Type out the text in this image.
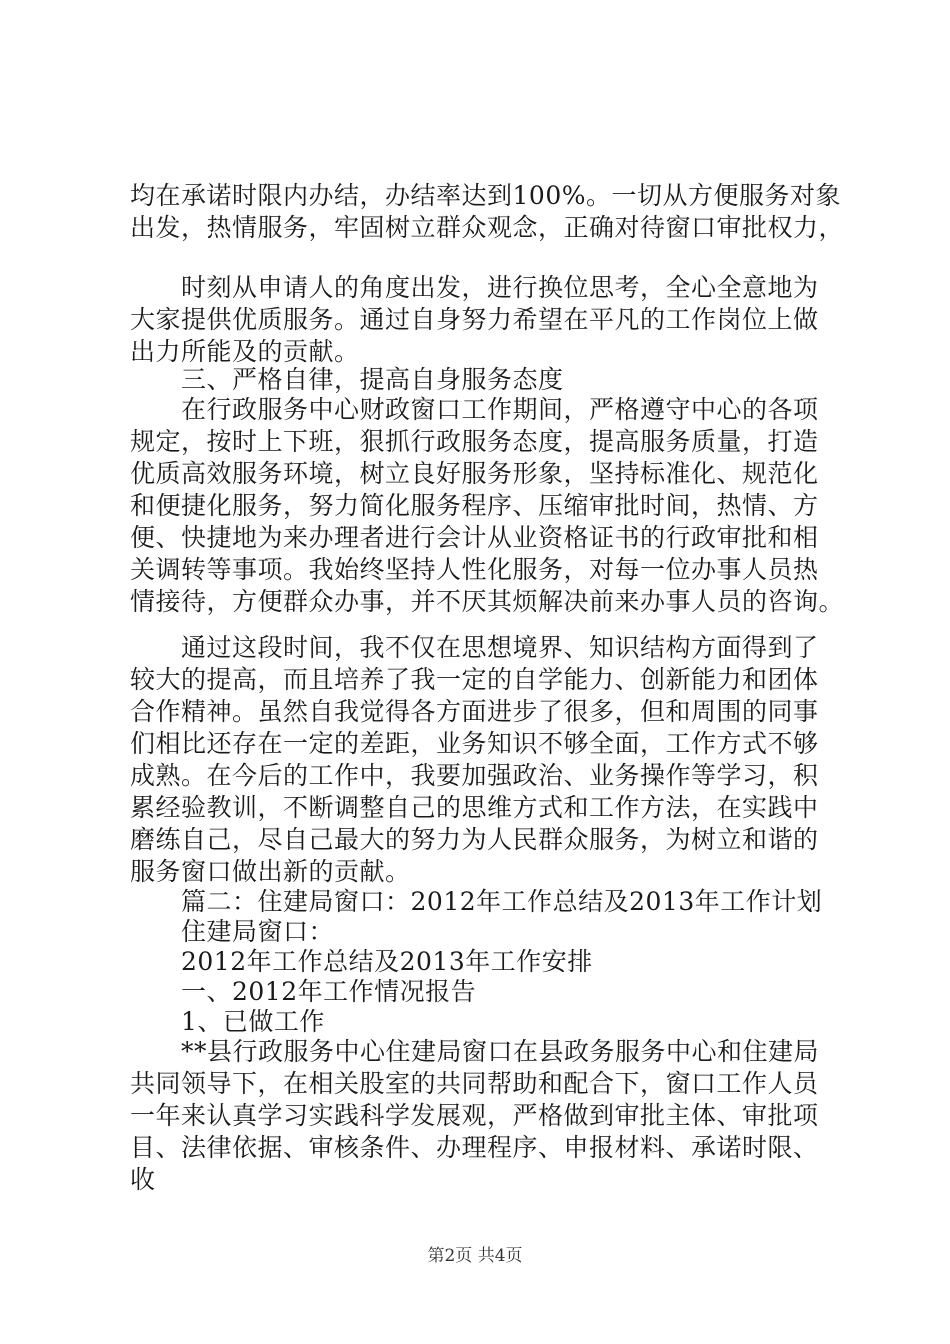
均在承诺时限内办结，办结率达到100%。一切从方便服务对象
出发，热情服务，牢固树立群众观念，正确对待窗口审批权力，
　　时刻从申请人的角度出发，进行换位思考，全心全意地为
大家提供优质服务。通过自身努力希望在平凡的工作岗位上做
出力所能及的贡献。
　　三、严格自律，提高自身服务态度
　　在行政服务中心财政窗口工作期间，严格遵守中心的各项
规定，按时上下班，狠抓行政服务态度，提高服务质量，打造
优质高效服务环境，树立良好服务形象，坚持标准化、规范化
和便捷化服务，努力简化服务程序、压缩审批时间，热情、方
便、快捷地为来办理者进行会计从业资格证书的行政审批和相
关调转等事项。我始终坚持人性化服务，对每一位办事人员热
情接待，方便群众办事，并不厌其烦解决前来办事人员的咨询。
　　通过这段时间，我不仅在思想境界、知识结构方面得到了
较大的提高，而且培养了我一定的自学能力、创新能力和团体
合作精神。虽然自我觉得各方面进步了很多，但和周围的同事
们相比还存在一定的差距，业务知识不够全面，工作方式不够
成熟。在今后的工作中，我要加强政治、业务操作等学习，积
累经验教训，不断调整自己的思维方式和工作方法，在实践中
磨练自己，尽自己最大的努力为人民群众服务，为树立和谐的
服务窗口做出新的贡献。
　　篇二：住建局窗口：2012年工作总结及2013年工作计划
　　住建局窗口：
　　2012年工作总结及2013年工作安排
　　一、2012年工作情况报告
　　1、已做工作
　　**县行政服务中心住建局窗口在县政务服务中心和住建局
共同领导下，在相关股室的共同帮助和配合下，窗口工作人员
一年来认真学习实践科学发展观，严格做到审批主体、审批项
目、法律依据、审核条件、办理程序、申报材料、承诺时限、
收
第2页 共4页
